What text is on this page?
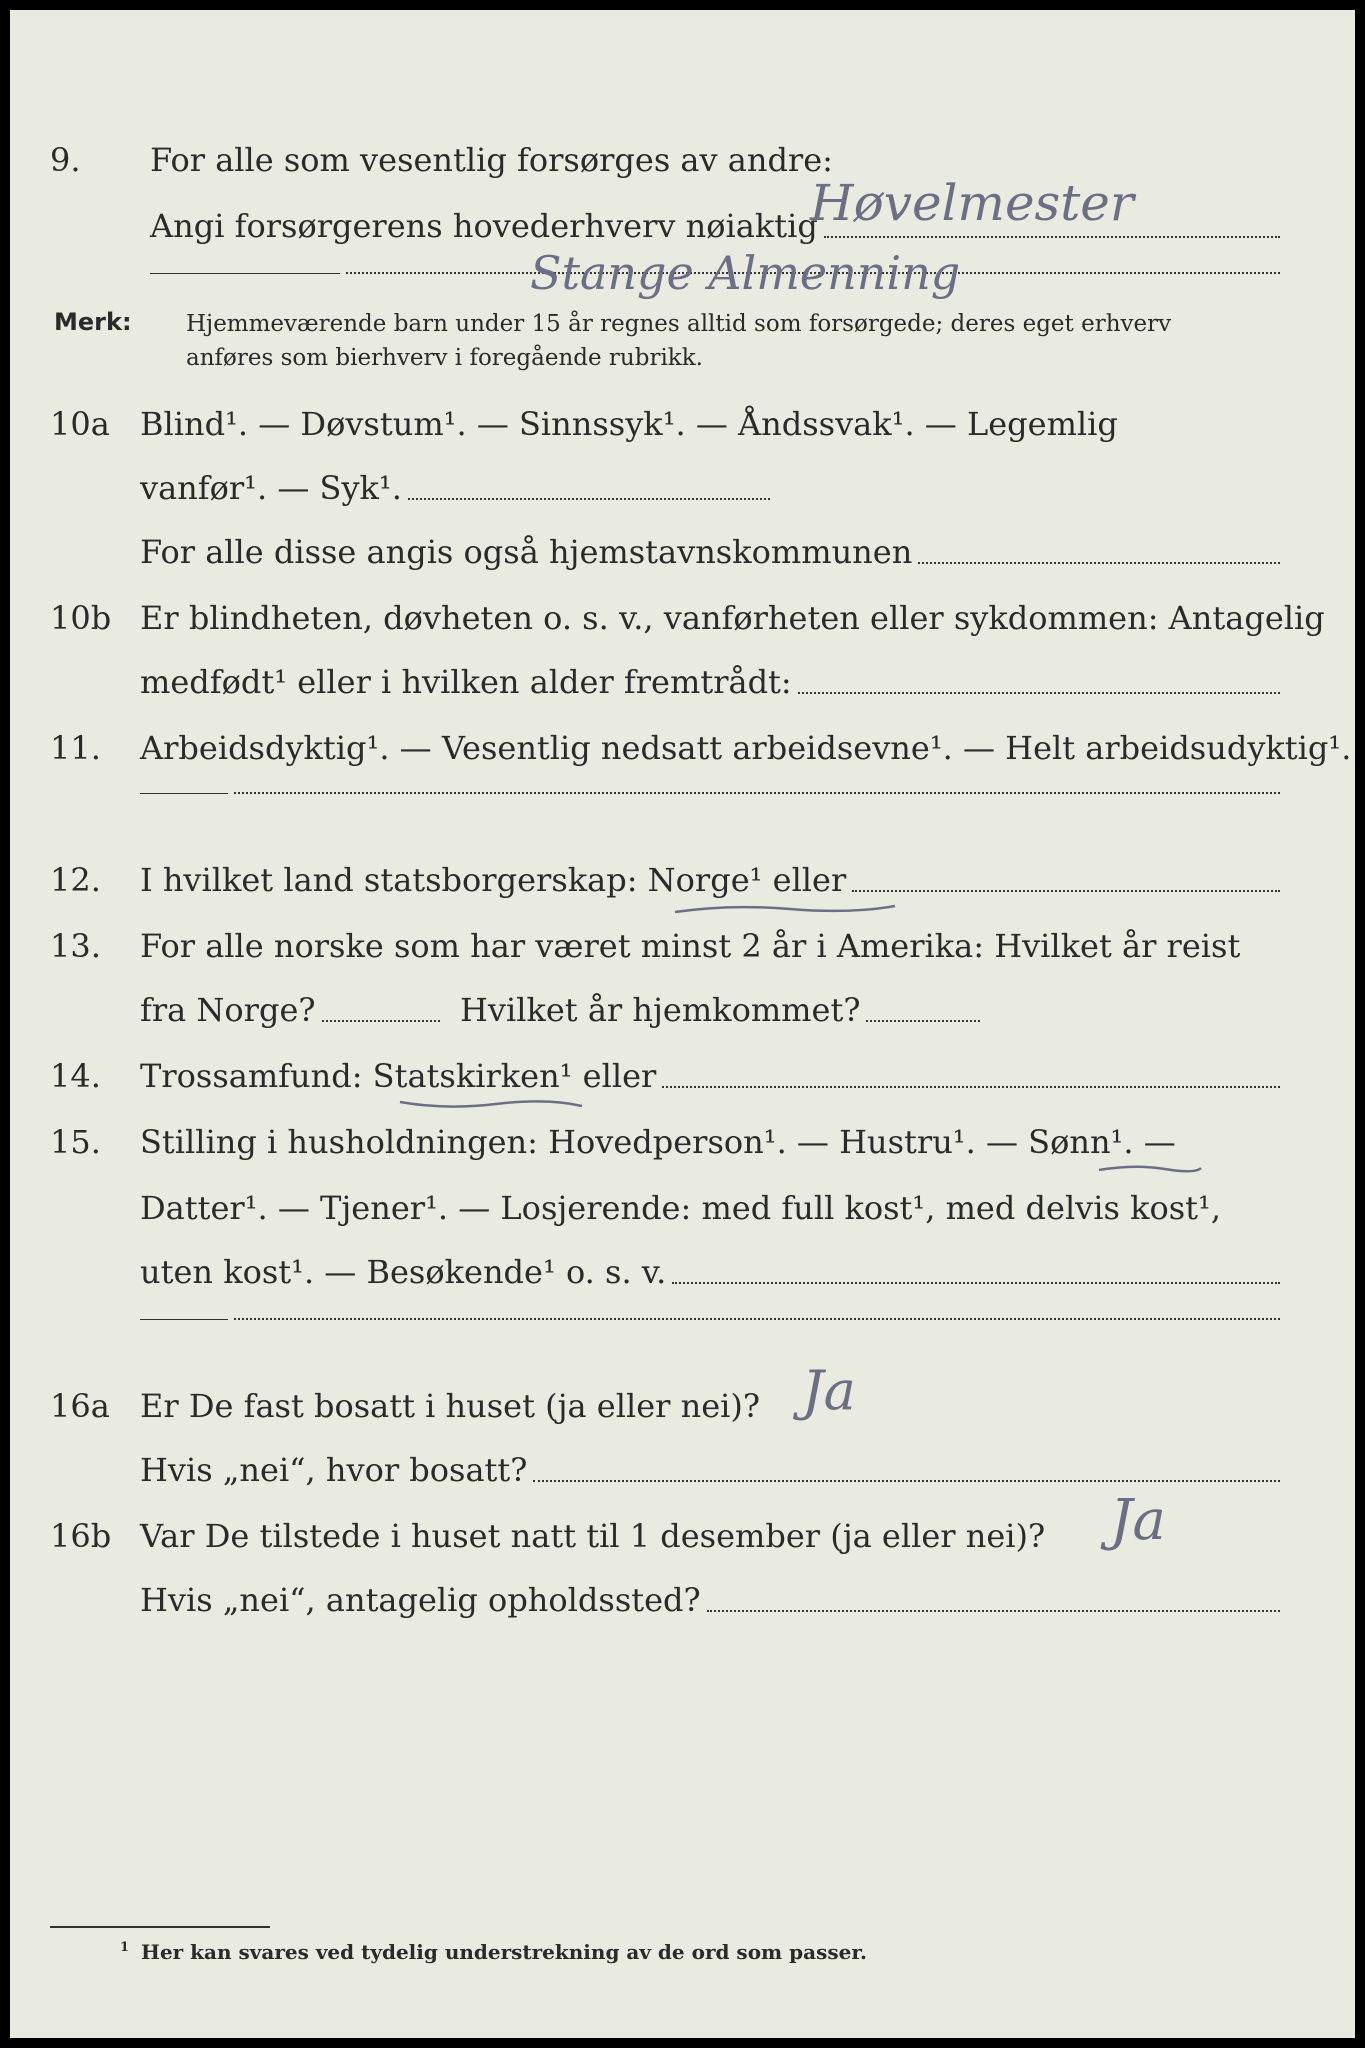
9. For alle som vesentlig forsørges av andre:
Angi forsørgerens hovederhverv nøiaktig
Høvelmester
Stange Almenning
Merk: Hjemmeværende barn under 15 år regnes alltid som forsørgede; deres eget erhverv
anføres som bierhverv i foregående rubrikk.
10a Blind¹. — Døvstum¹. — Sinnssyk¹. — Åndssvak¹. — Legemlig
vanfør¹. — Syk¹.
For alle disse angis også hjemstavnskommunen
10b Er blindheten, døvheten o. s. v., vanførheten eller sykdommen: Antagelig
medfødt¹ eller i hvilken alder fremtrådt:
11. Arbeidsdyktig¹. — Vesentlig nedsatt arbeidsevne¹. — Helt arbeidsudyktig¹.
12. I hvilket land statsborgerskap: Norge¹ eller
13. For alle norske som har været minst 2 år i Amerika: Hvilket år reist
fra Norge?	Hvilket år hjemkommet?
14. Trossamfund: Statskirken¹ eller
15. Stilling i husholdningen: Hovedperson¹. — Hustru¹. — Sønn¹. —
Datter¹. — Tjener¹. — Losjerende: med full kost¹, med delvis kost¹,
uten kost¹. — Besøkende¹ o. s. v.
16a Er De fast bosatt i huset (ja eller nei)? Ja
Hvis „nei“, hvor bosatt?
16b Var De tilstede i huset natt til 1 desember (ja eller nei)? Ja
Hvis „nei“, antagelig opholdssted?
$^1$ Her kan svares ved tydelig understrekning av de ord som passer.
